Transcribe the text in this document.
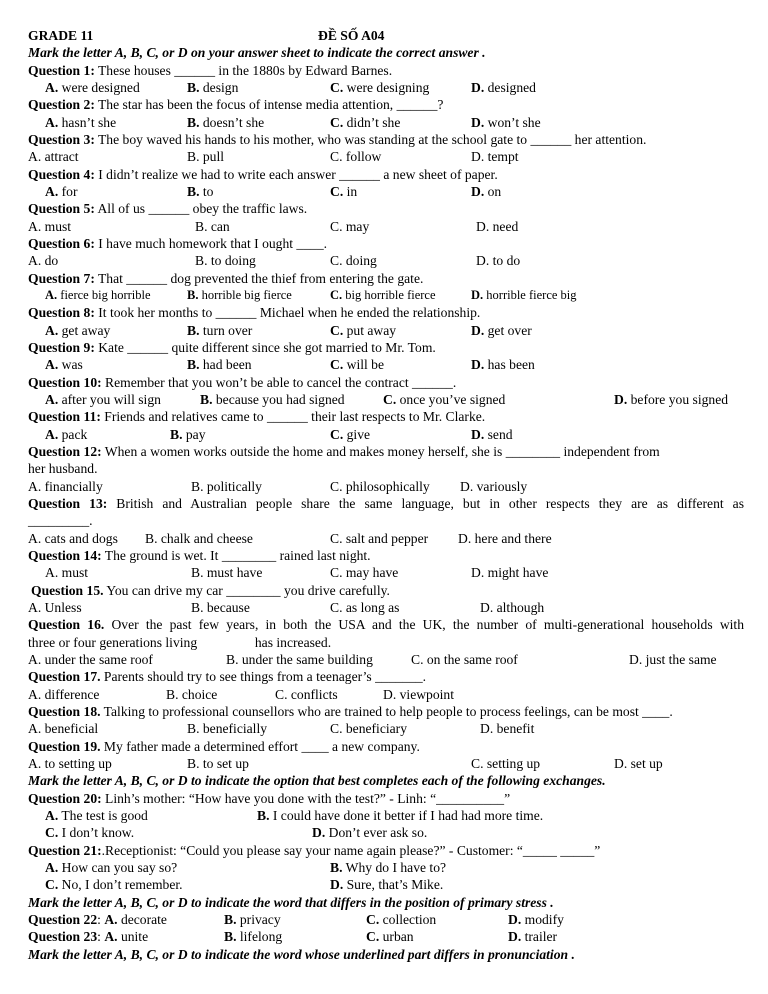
GRADE 11	ĐỀ SỐ A04
Mark the letter A, B, C, or D on your answer sheet to indicate the correct answer .
Question 1: These houses ______ in the 1880s by Edward Barnes.
A. were designed	B. design	C. were designing	D. designed
Question 2: The star has been the focus of intense media attention, ______?
A. hasn’t she	B. doesn’t she	C. didn’t she	D. won’t she
Question 3: The boy waved his hands to his mother, who was standing at the school gate to ______ her attention.
A. attract	B. pull	C. follow	D. tempt
Question 4: I didn’t realize we had to write each answer ______ a new sheet of paper.
A. for	B. to	C. in	D. on
Question 5: All of us ______ obey the traffic laws.
A. must	B. can	C. may	D. need
Question 6: I have much homework that I ought ____.
A. do	B. to doing	C. doing	D. to do
Question 7: That ______ dog prevented the thief from entering the gate.
A. fierce big horrible	B. horrible big fierce	C. big horrible fierce	D. horrible fierce big
Question 8: It took her months to ______ Michael when he ended the relationship.
A. get away	B. turn over	C. put away	D. get over
Question 9: Kate ______ quite different since she got married to Mr. Tom.
A. was	B. had been	C. will be	D. has been
Question 10: Remember that you won’t be able to cancel the contract ______.
A. after you will sign	B. because you had signed	C. once you’ve signed	D. before you signed
Question 11: Friends and relatives came to ______ their last respects to Mr. Clarke.
A. pack	B. pay	C. give	D. send
Question 12: When a women works outside the home and makes money herself, she is ________ independent from
her husband.
A. financially	B. politically	C. philosophically D. variously
Question 13: British and Australian people share the same language, but in other respects they are as different as
_________.
A. cats and dogs B. chalk and cheese	C. salt and pepper D. here and there
Question 14: The ground is wet. It ________ rained last night.
A. must	B. must have	C. may have	D. might have
Question 15. You can drive my car ________ you drive carefully.
A. Unless	B. because	C. as long as	D. although
Question 16. Over the past few years, in both the USA and the UK, the number of multi-generational households with
three or four generations living                 has increased.
A. under the same roof	B. under the same building	C. on the same roof	D. just the same
Question 17. Parents should try to see things from a teenager’s _______.
A. difference	B. choice	C. conflicts	D. viewpoint
Question 18. Talking to professional counsellors who are trained to help people to process feelings, can be most ____.
A. beneficial	B. beneficially	C. beneficiary	D. benefit
Question 19. My father made a determined effort ____ a new company.
A. to setting up	B. to set up	C. setting up	D. set up
Mark the letter A, B, C, or D to indicate the option that best completes each of the following exchanges.
Question 20: Linh’s mother: “How have you done with the test?” - Linh: “__________”
A. The test is good	B. I could have done it better if I had had more time.
C. I don’t know.	D. Don’t ever ask so.
Question 21:.Receptionist: “Could you please say your name again please?” - Customer: “_____ _____”
A. How can you say so?	B. Why do I have to?
C. No, I don’t remember.	D. Sure, that’s Mike.
Mark the letter A, B, C, or D to indicate the word that differs in the position of primary stress .
Question 22: A. decorate	B. privacy	C. collection	D. modify
Question 23: A. unite	B. lifelong	C. urban	D. trailer
Mark the letter A, B, C, or D to indicate the word whose underlined part differs in pronunciation .
